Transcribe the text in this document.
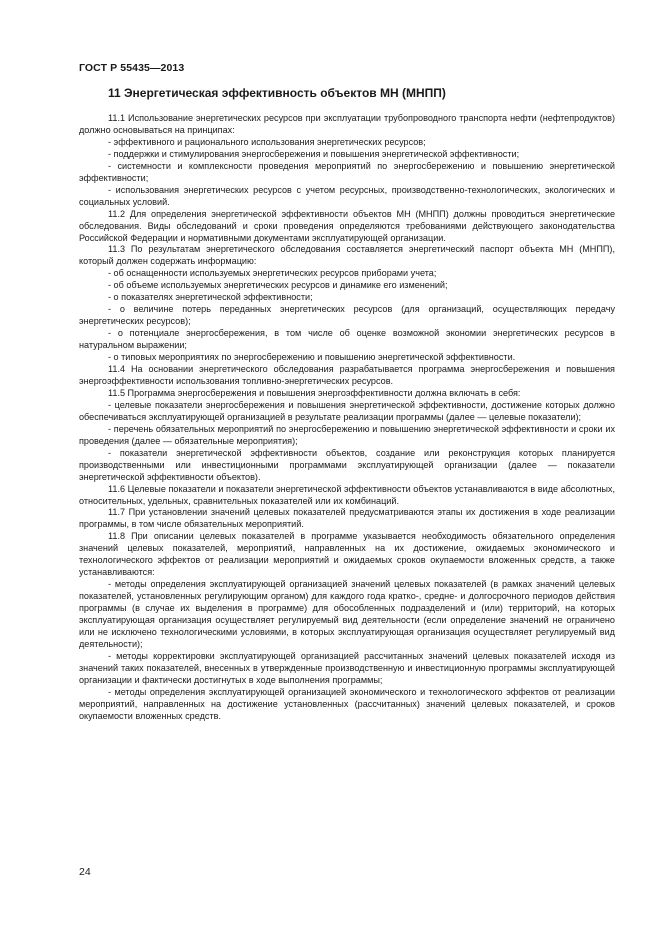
ГОСТ Р 55435—2013
11 Энергетическая эффективность объектов МН (МНПП)

11.1 Использование энергетических ресурсов при эксплуатации трубопроводного транспорта нефти (нефтепродуктов) должно основываться на принципах:

- эффективного и рационального использования энергетических ресурсов;

- поддержки и стимулирования энергосбережения и повышения энергетической эффективности;

- системности и комплексности проведения мероприятий по энергосбережению и повышению энергетической эффективности;

- использования энергетических ресурсов с учетом ресурсных, производственно-технологических, экологических и социальных условий.

11.2 Для определения энергетической эффективности объектов МН (МНПП) должны проводиться энергетические обследования. Виды обследований и сроки проведения определяются требованиями действующего законодательства Российской Федерации и нормативными документами эксплуатирующей организации.

11.3 По результатам энергетического обследования составляется энергетический паспорт объекта МН (МНПП), который должен содержать информацию:

- об оснащенности используемых энергетических ресурсов приборами учета;

- об объеме используемых энергетических ресурсов и динамике его изменений;

- о показателях энергетической эффективности;

- о величине потерь переданных энергетических ресурсов (для организаций, осуществляющих передачу энергетических ресурсов);

- о потенциале энергосбережения, в том числе об оценке возможной экономии энергетических ресурсов в натуральном выражении;

- о типовых мероприятиях по энергосбережению и повышению энергетической эффективности.

11.4 На основании энергетического обследования разрабатывается программа энергосбережения и повышения энергоэффективности использования топливно-энергетических ресурсов.

11.5 Программа энергосбережения и повышения энергоэффективности должна включать в себя:

- целевые показатели энергосбережения и повышения энергетической эффективности, достижение которых должно обеспечиваться эксплуатирующей организацией в результате реализации программы (далее — целевые показатели);

- перечень обязательных мероприятий по энергосбережению и повышению энергетической эффективности и сроки их проведения (далее — обязательные мероприятия);

- показатели энергетической эффективности объектов, создание или реконструкция которых планируется производственными или инвестиционными программами эксплуатирующей организации (далее — показатели энергетической эффективности объектов).

11.6 Целевые показатели и показатели энергетической эффективности объектов устанавливаются в виде абсолютных, относительных, удельных, сравнительных показателей или их комбинаций.

11.7 При установлении значений целевых показателей предусматриваются этапы их достижения в ходе реализации программы, в том числе обязательных мероприятий.

11.8 При описании целевых показателей в программе указывается необходимость обязательного определения значений целевых показателей, мероприятий, направленных на их достижение, ожидаемых экономического и технологического эффектов от реализации мероприятий и ожидаемых сроков окупаемости вложенных средств, а также устанавливаются:

- методы определения эксплуатирующей организацией значений целевых показателей (в рамках значений целевых показателей, установленных регулирующим органом) для каждого года кратко-, средне- и долгосрочного периодов действия программы (в случае их выделения в программе) для обособленных подразделений и (или) территорий, на которых эксплуатирующая организация осуществляет регулируемый вид деятельности (если определение значений не ограничено или не исключено технологическими условиями, в которых эксплуатирующая организация осуществляет регулируемый вид деятельности);

- методы корректировки эксплуатирующей организацией рассчитанных значений целевых показателей исходя из значений таких показателей, внесенных в утвержденные производственную и инвестиционную программы эксплуатирующей организации и фактически достигнутых в ходе выполнения программы;

- методы определения эксплуатирующей организацией экономического и технологического эффектов от реализации мероприятий, направленных на достижение установленных (рассчитанных) значений целевых показателей, и сроков окупаемости вложенных средств.

24
